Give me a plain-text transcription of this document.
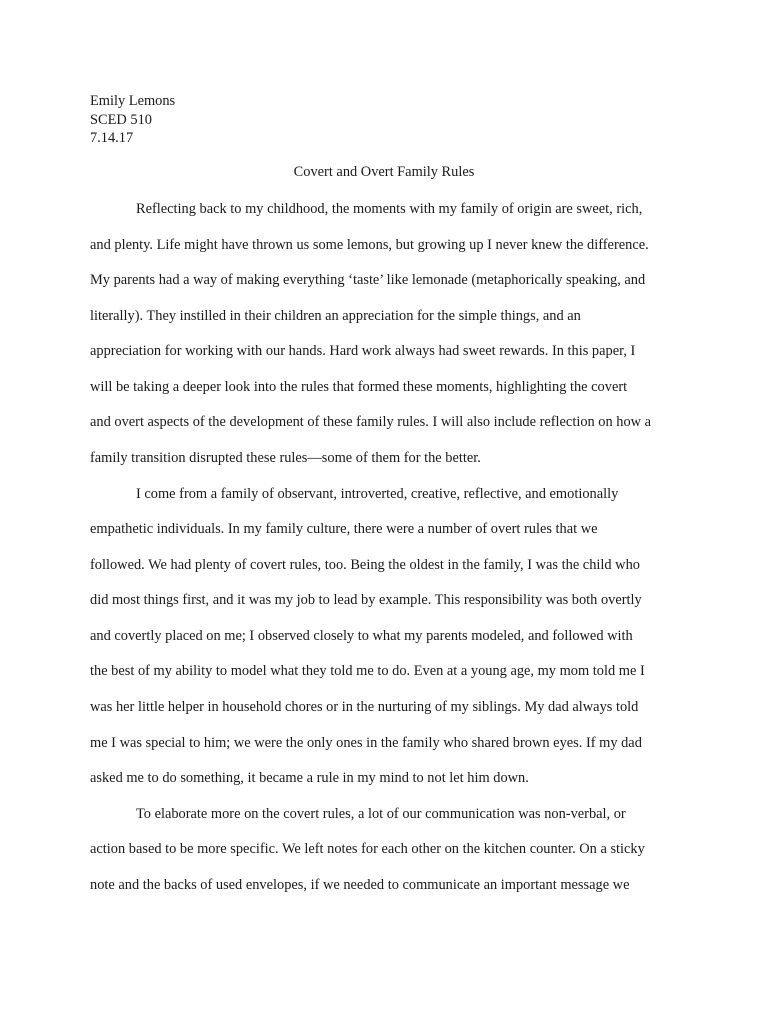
Emily Lemons
SCED 510
7.14.17
Covert and Overt Family Rules
Reflecting back to my childhood, the moments with my family of origin are sweet, rich,
and plenty. Life might have thrown us some lemons, but growing up I never knew the difference.
My parents had a way of making everything ‘taste’ like lemonade (metaphorically speaking, and
literally). They instilled in their children an appreciation for the simple things, and an
appreciation for working with our hands. Hard work always had sweet rewards. In this paper, I
will be taking a deeper look into the rules that formed these moments, highlighting the covert
and overt aspects of the development of these family rules. I will also include reflection on how a
family transition disrupted these rules—some of them for the better.
I come from a family of observant, introverted, creative, reflective, and emotionally
empathetic individuals. In my family culture, there were a number of overt rules that we
followed. We had plenty of covert rules, too. Being the oldest in the family, I was the child who
did most things first, and it was my job to lead by example. This responsibility was both overtly
and covertly placed on me; I observed closely to what my parents modeled, and followed with
the best of my ability to model what they told me to do. Even at a young age, my mom told me I
was her little helper in household chores or in the nurturing of my siblings. My dad always told
me I was special to him; we were the only ones in the family who shared brown eyes. If my dad
asked me to do something, it became a rule in my mind to not let him down.
To elaborate more on the covert rules, a lot of our communication was non-verbal, or
action based to be more specific. We left notes for each other on the kitchen counter. On a sticky
note and the backs of used envelopes, if we needed to communicate an important message we
